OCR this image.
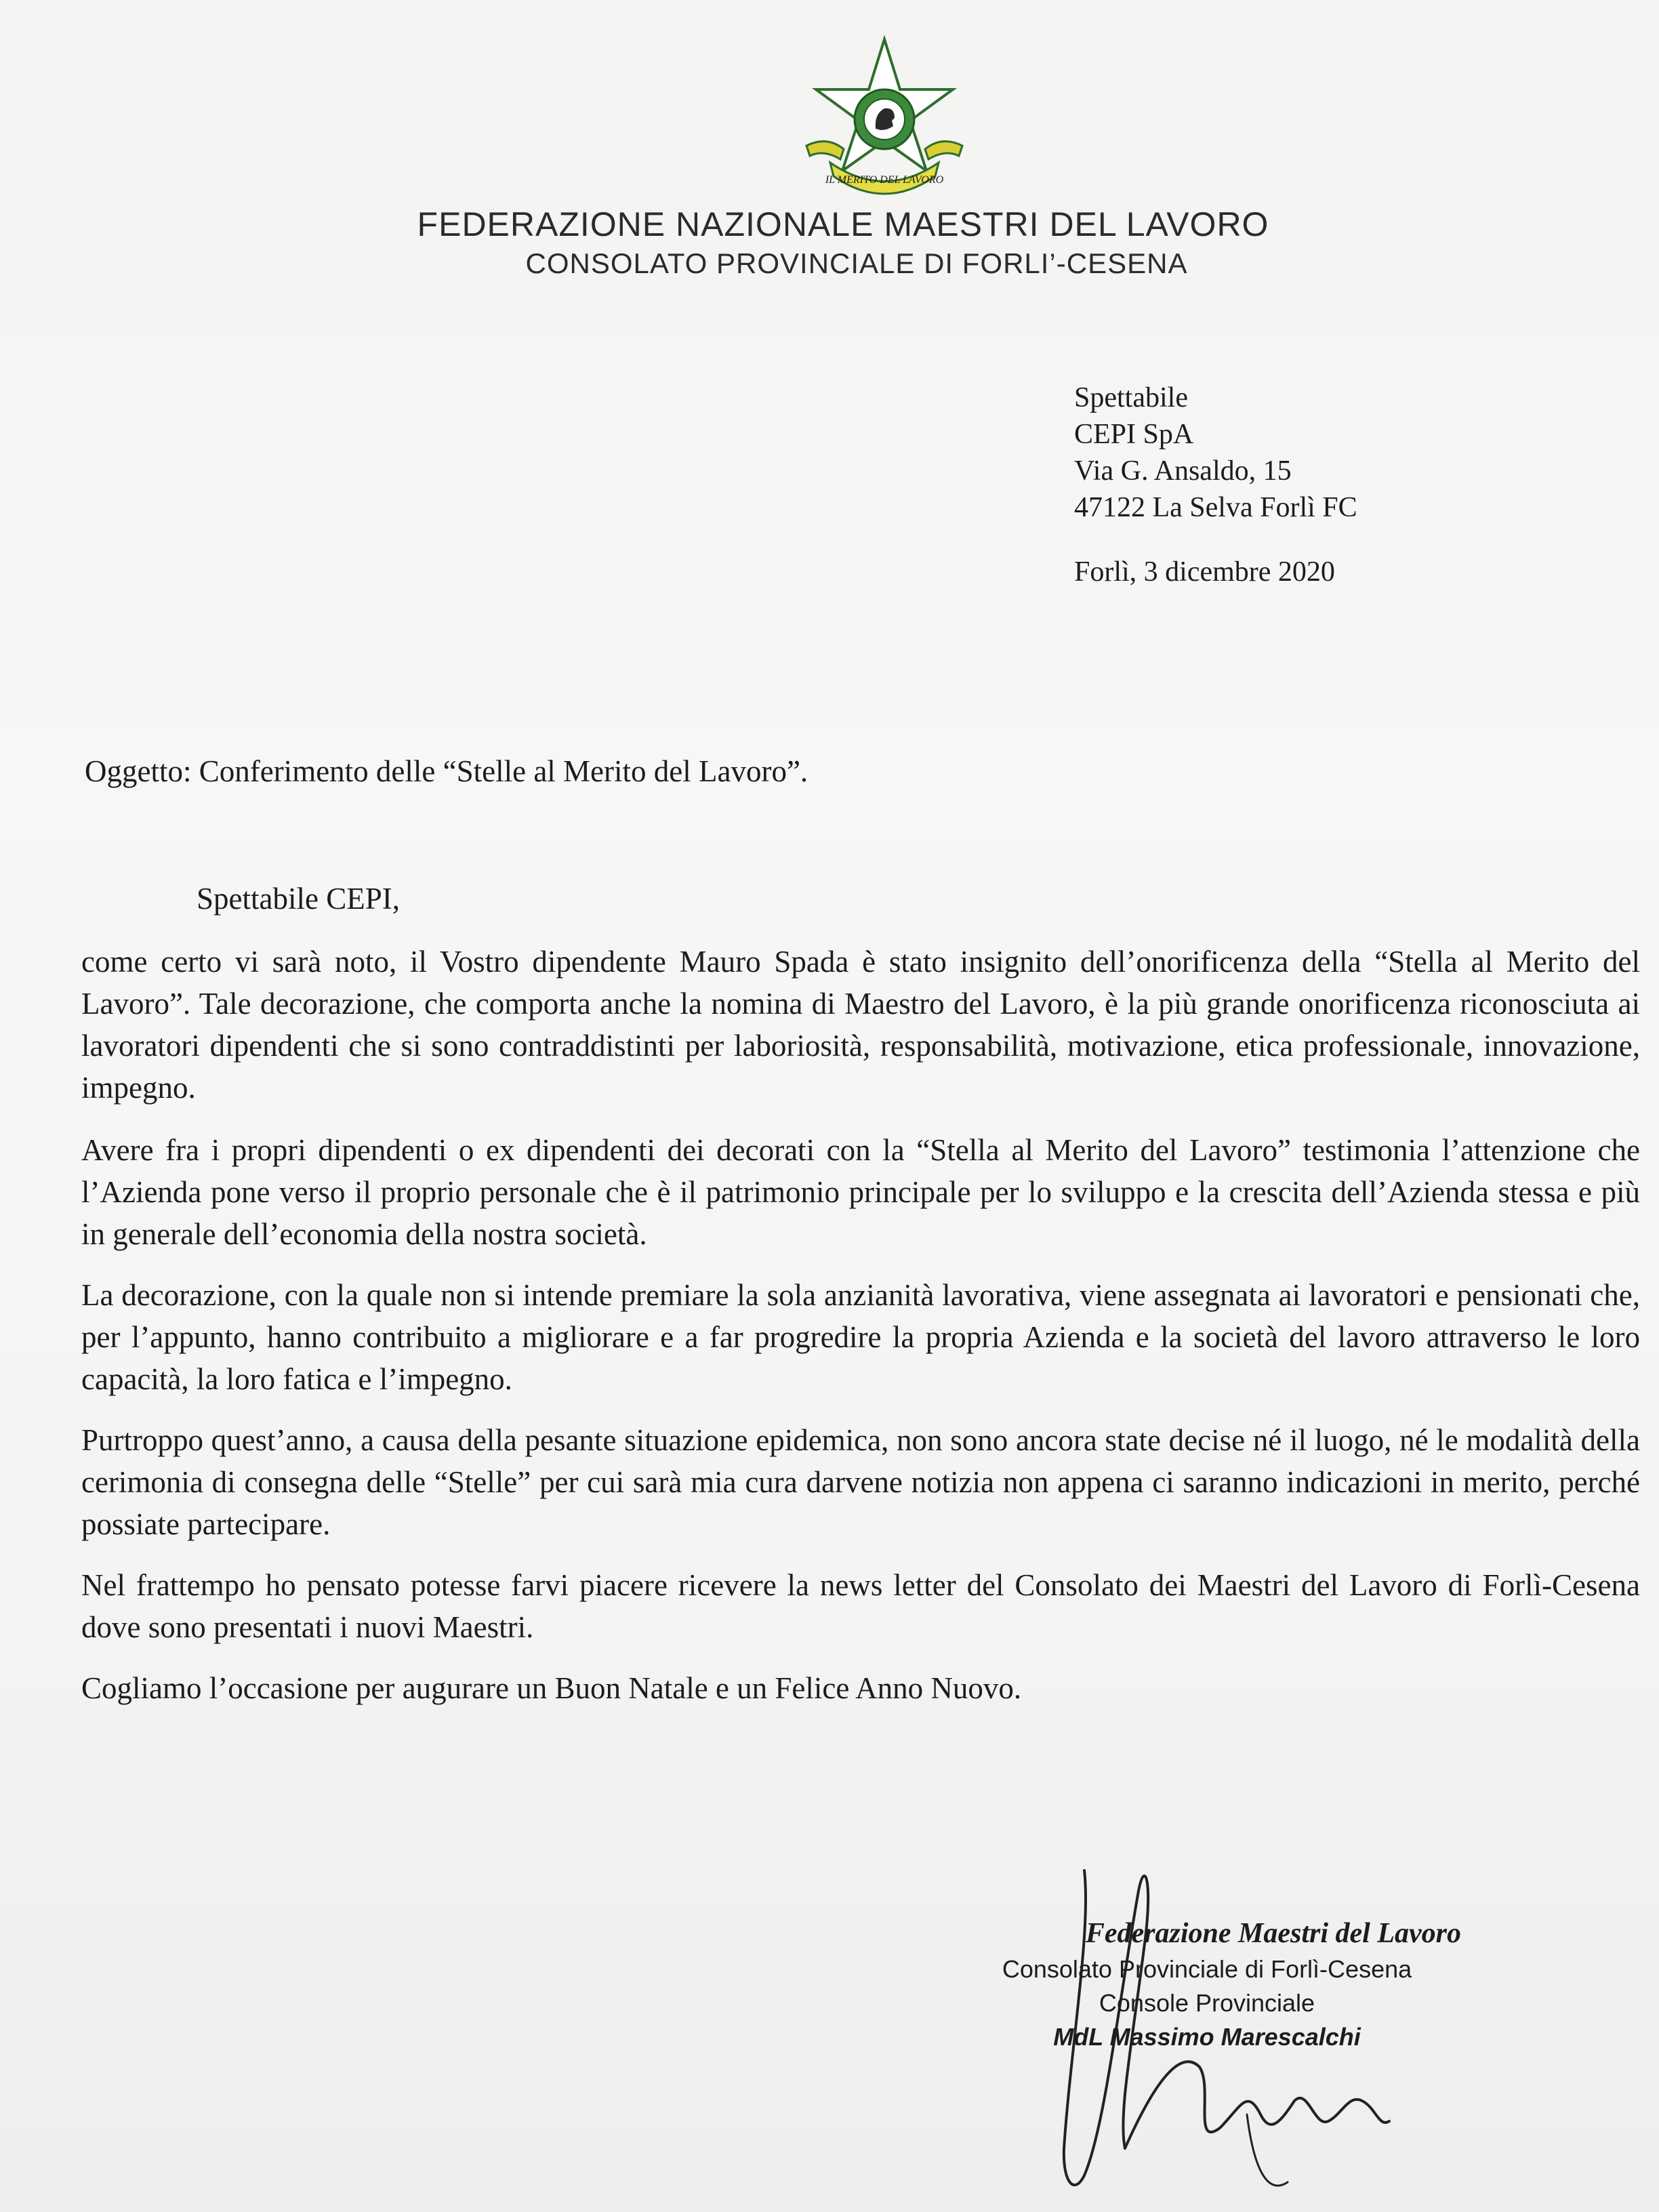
IL MERITO DEL LAVORO
FEDERAZIONE NAZIONALE MAESTRI DEL LAVORO
CONSOLATO PROVINCIALE DI FORLI’-CESENA
Spettabile
CEPI SpA
Via G. Ansaldo, 15
47122 La Selva Forlì FC
Forlì, 3 dicembre 2020
Oggetto: Conferimento delle “Stelle al Merito del Lavoro”.
Spettabile CEPI,

come certo vi sarà noto, il Vostro dipendente Mauro Spada è stato insignito dell’onorificenza della “Stella al Merito del Lavoro”. Tale decorazione, che comporta anche la nomina di Maestro del Lavoro, è la più grande onorificenza riconosciuta ai lavoratori dipendenti che si sono contraddistinti per laboriosità, responsabilità, motivazione, etica professionale, innovazione, impegno.

Avere fra i propri dipendenti o ex dipendenti dei decorati con la “Stella al Merito del Lavoro” testimonia l’attenzione che l’Azienda pone verso il proprio personale che è il patrimonio principale per lo sviluppo e la crescita dell’Azienda stessa e più in generale dell’economia della nostra società.

La decorazione, con la quale non si intende premiare la sola anzianità lavorativa, viene assegnata ai lavoratori e pensionati che, per l’appunto, hanno contribuito a migliorare e a far progredire la propria Azienda e la società del lavoro attraverso le loro capacità, la loro fatica e l’impegno.

Purtroppo quest’anno, a causa della pesante situazione epidemica, non sono ancora state decise né il luogo, né le modalità della cerimonia di consegna delle “Stelle” per cui sarà mia cura darvene notizia non appena ci saranno indicazioni in merito, perché possiate partecipare.

Nel frattempo ho pensato potesse farvi piacere ricevere la news letter del Consolato dei Maestri del Lavoro di Forlì-Cesena dove sono presentati i nuovi Maestri.

Cogliamo l’occasione per augurare un Buon Natale e un Felice Anno Nuovo.

Federazione Maestri del Lavoro
Consolato Provinciale di Forlì-Cesena
Console Provinciale
MdL Massimo Marescalchi
